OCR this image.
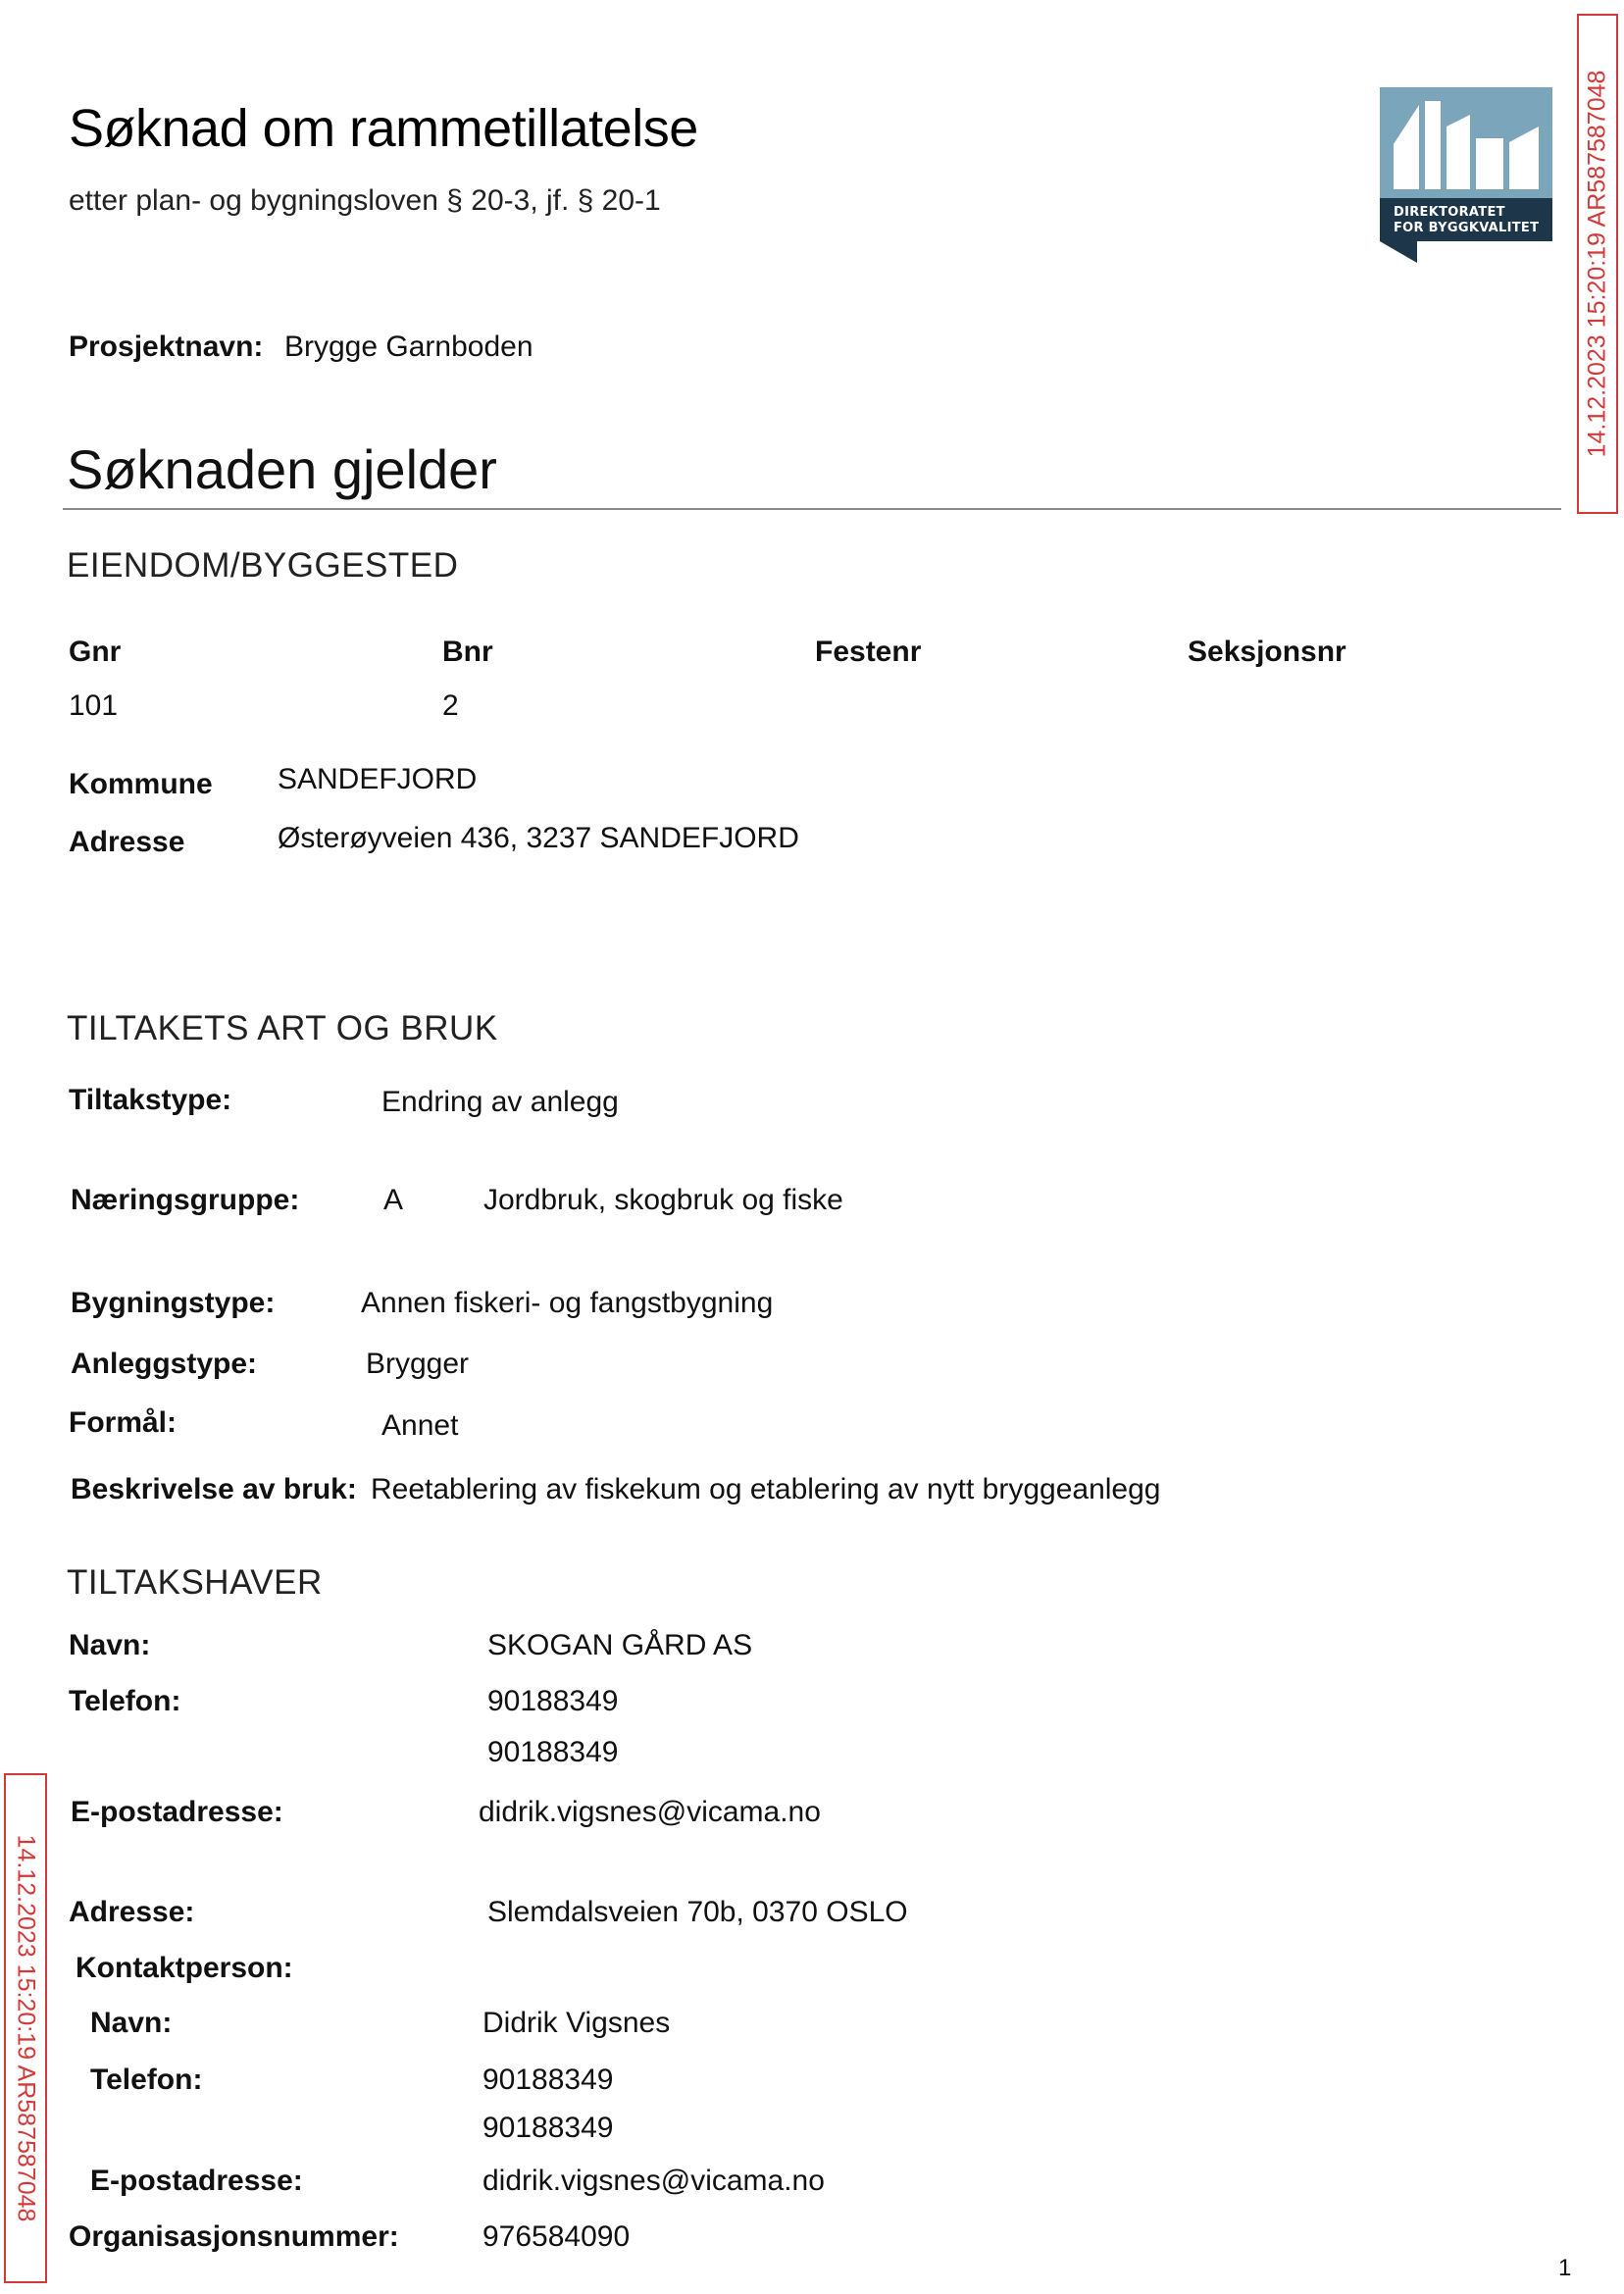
Søknad om rammetillatelse
etter plan- og bygningsloven § 20-3, jf. § 20-1	DIREKTORATET
FOR BYGGKVALITET
Prosjektnavn: Brygge Garnboden
Søknaden gjelder
EIENDOM/BYGGESTED
Gnr	Bnr	Festenr	Seksjonsnr
101	2
Kommune SANDEFJORD
Adresse	Østerøyveien 436, 3237 SANDEFJORD
TILTAKETS ART OG BRUK
Tiltakstype:	Endring av anlegg
Næringsgruppe:	A	Jordbruk, skogbruk og fiske
Bygningstype:	Annen fiskeri- og fangstbygning
Anleggstype:	Brygger
Formål:	Annet
Beskrivelse av bruk: Reetablering av fiskekum og etablering av nytt bryggeanlegg
TILTAKSHAVER
Navn:	SKOGAN GÅRD AS
Telefon:	90188349
90188349
E-postadresse:	didrik.vigsnes@vicama.no
Adresse:	Slemdalsveien 70b, 0370 OSLO
Kontaktperson:
Navn:	Didrik Vigsnes
Telefon:	90188349
90188349
E-postadresse:	didrik.vigsnes@vicama.no
Organisasjonsnummer:	976584090
14.12.2023 15:20:19 AR587587048
14.12.2023 15:20:19 AR587587048
1
